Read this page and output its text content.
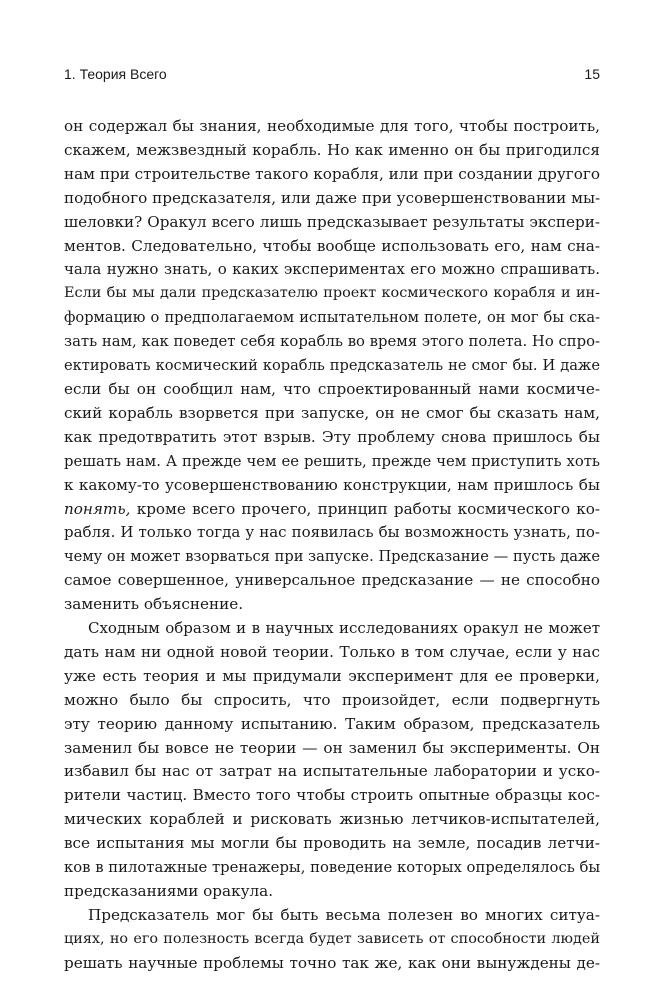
1. Теория Всего	15
он содержал бы знания, необходимые для того, чтобы построить,
скажем, межзвездный корабль. Но как именно он бы пригодился
нам при строительстве такого корабля, или при создании другого
подобного предсказателя, или даже при усовершенствовании мы-
шеловки? Оракул всего лишь предсказывает результаты экспери-
ментов. Следовательно, чтобы вообще использовать его, нам сна-
чала нужно знать, о каких экспериментах его можно спрашивать.
Если бы мы дали предсказателю проект космического корабля и ин-
формацию о предполагаемом испытательном полете, он мог бы ска-
зать нам, как поведет себя корабль во время этого полета. Но спро-
ектировать космический корабль предсказатель не смог бы. И даже
если бы он сообщил нам, что спроектированный нами космиче-
ский корабль взорвется при запуске, он не смог бы сказать нам,
как предотвратить этот взрыв. Эту проблему снова пришлось бы
решать нам. А прежде чем ее решить, прежде чем приступить хоть
к какому-то усовершенствованию конструкции, нам пришлось бы
понять, кроме всего прочего, принцип работы космического ко-
рабля. И только тогда у нас появилась бы возможность узнать, по-
чему он может взорваться при запуске. Предсказание — пусть даже
самое совершенное, универсальное предсказание — не способно
заменить объяснение.
Сходным образом и в научных исследованиях оракул не может
дать нам ни одной новой теории. Только в том случае, если у нас
уже есть теория и мы придумали эксперимент для ее проверки,
можно было бы спросить, что произойдет, если подвергнуть
эту теорию данному испытанию. Таким образом, предсказатель
заменил бы вовсе не теории — он заменил бы эксперименты. Он
избавил бы нас от затрат на испытательные лаборатории и ускo-
рители частиц. Вместо того чтобы строить опытные образцы кос-
мических кораблей и рисковать жизнью летчиков-испытателей,
все испытания мы могли бы проводить на земле, посадив летчи-
ков в пилотажные тренажеры, поведение которых определялось бы
предсказаниями оракула.
Предсказатель мог бы быть весьма полезен во многих ситуа-
циях, но его полезность всегда будет зависеть от способности людей
решать научные проблемы точно так же, как они вынуждены де-
